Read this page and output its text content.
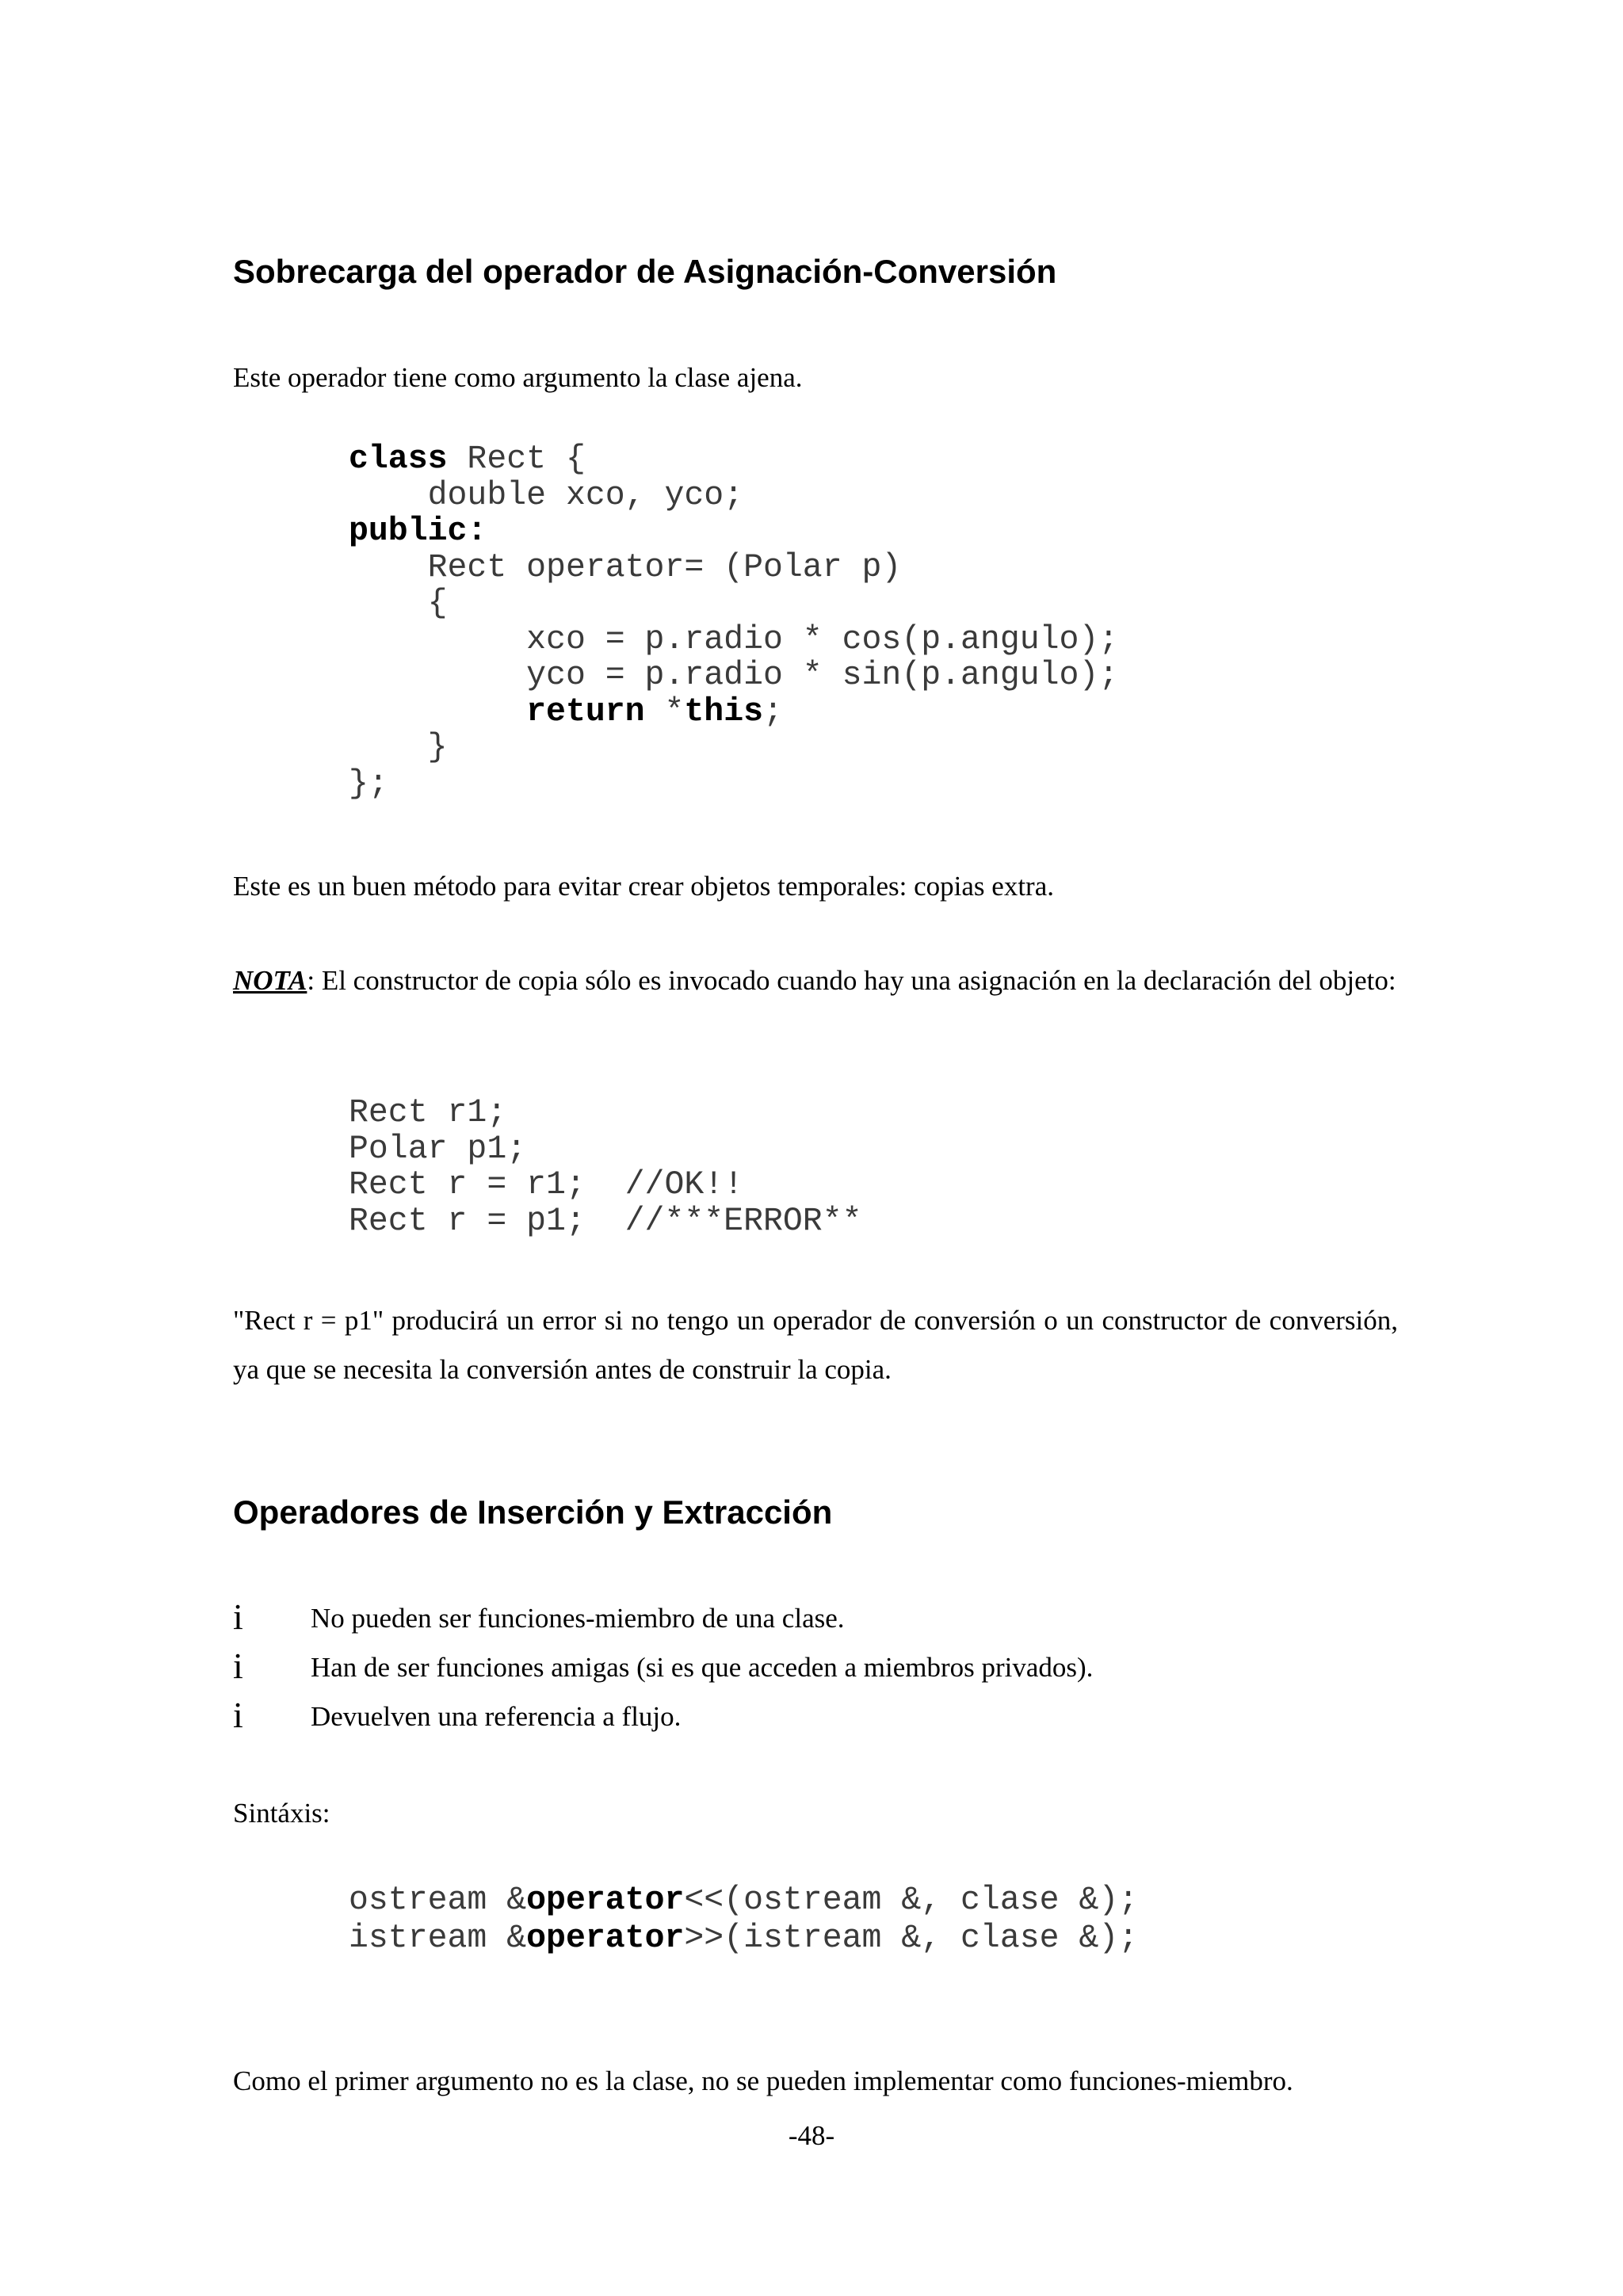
Sobrecarga del operador de Asignación-Conversión

Este operador tiene como argumento la clase ajena.

class Rect {
double xco, yco;
public:
Rect operator= (Polar p)
{
xco = p.radio * cos(p.angulo);
yco = p.radio * sin(p.angulo);
return *this;
}
};

Este es un buen método para evitar crear objetos temporales: copias extra.

NOTA: El constructor de copia sólo es invocado cuando hay una asignación en la declaración del objeto:

Rect r1;
Polar p1;
Rect r = r1;  //OK!!
Rect r = p1;  //***ERROR**

"Rect r = p1" producirá un error si no tengo un operador de conversión o un constructor de conversión, ya que se necesita la conversión antes de construir la copia.

Operadores de Inserción y Extracción
i No pueden ser funciones-miembro de una clase.
i Han de ser funciones amigas (si es que acceden a miembros privados).
i Devuelven una referencia a flujo.

Sintáxis:

ostream &operator<<(ostream &, clase &);
istream &operator>>(istream &, clase &);

Como el primer argumento no es la clase, no se pueden implementar como funciones-miembro.

-48-
